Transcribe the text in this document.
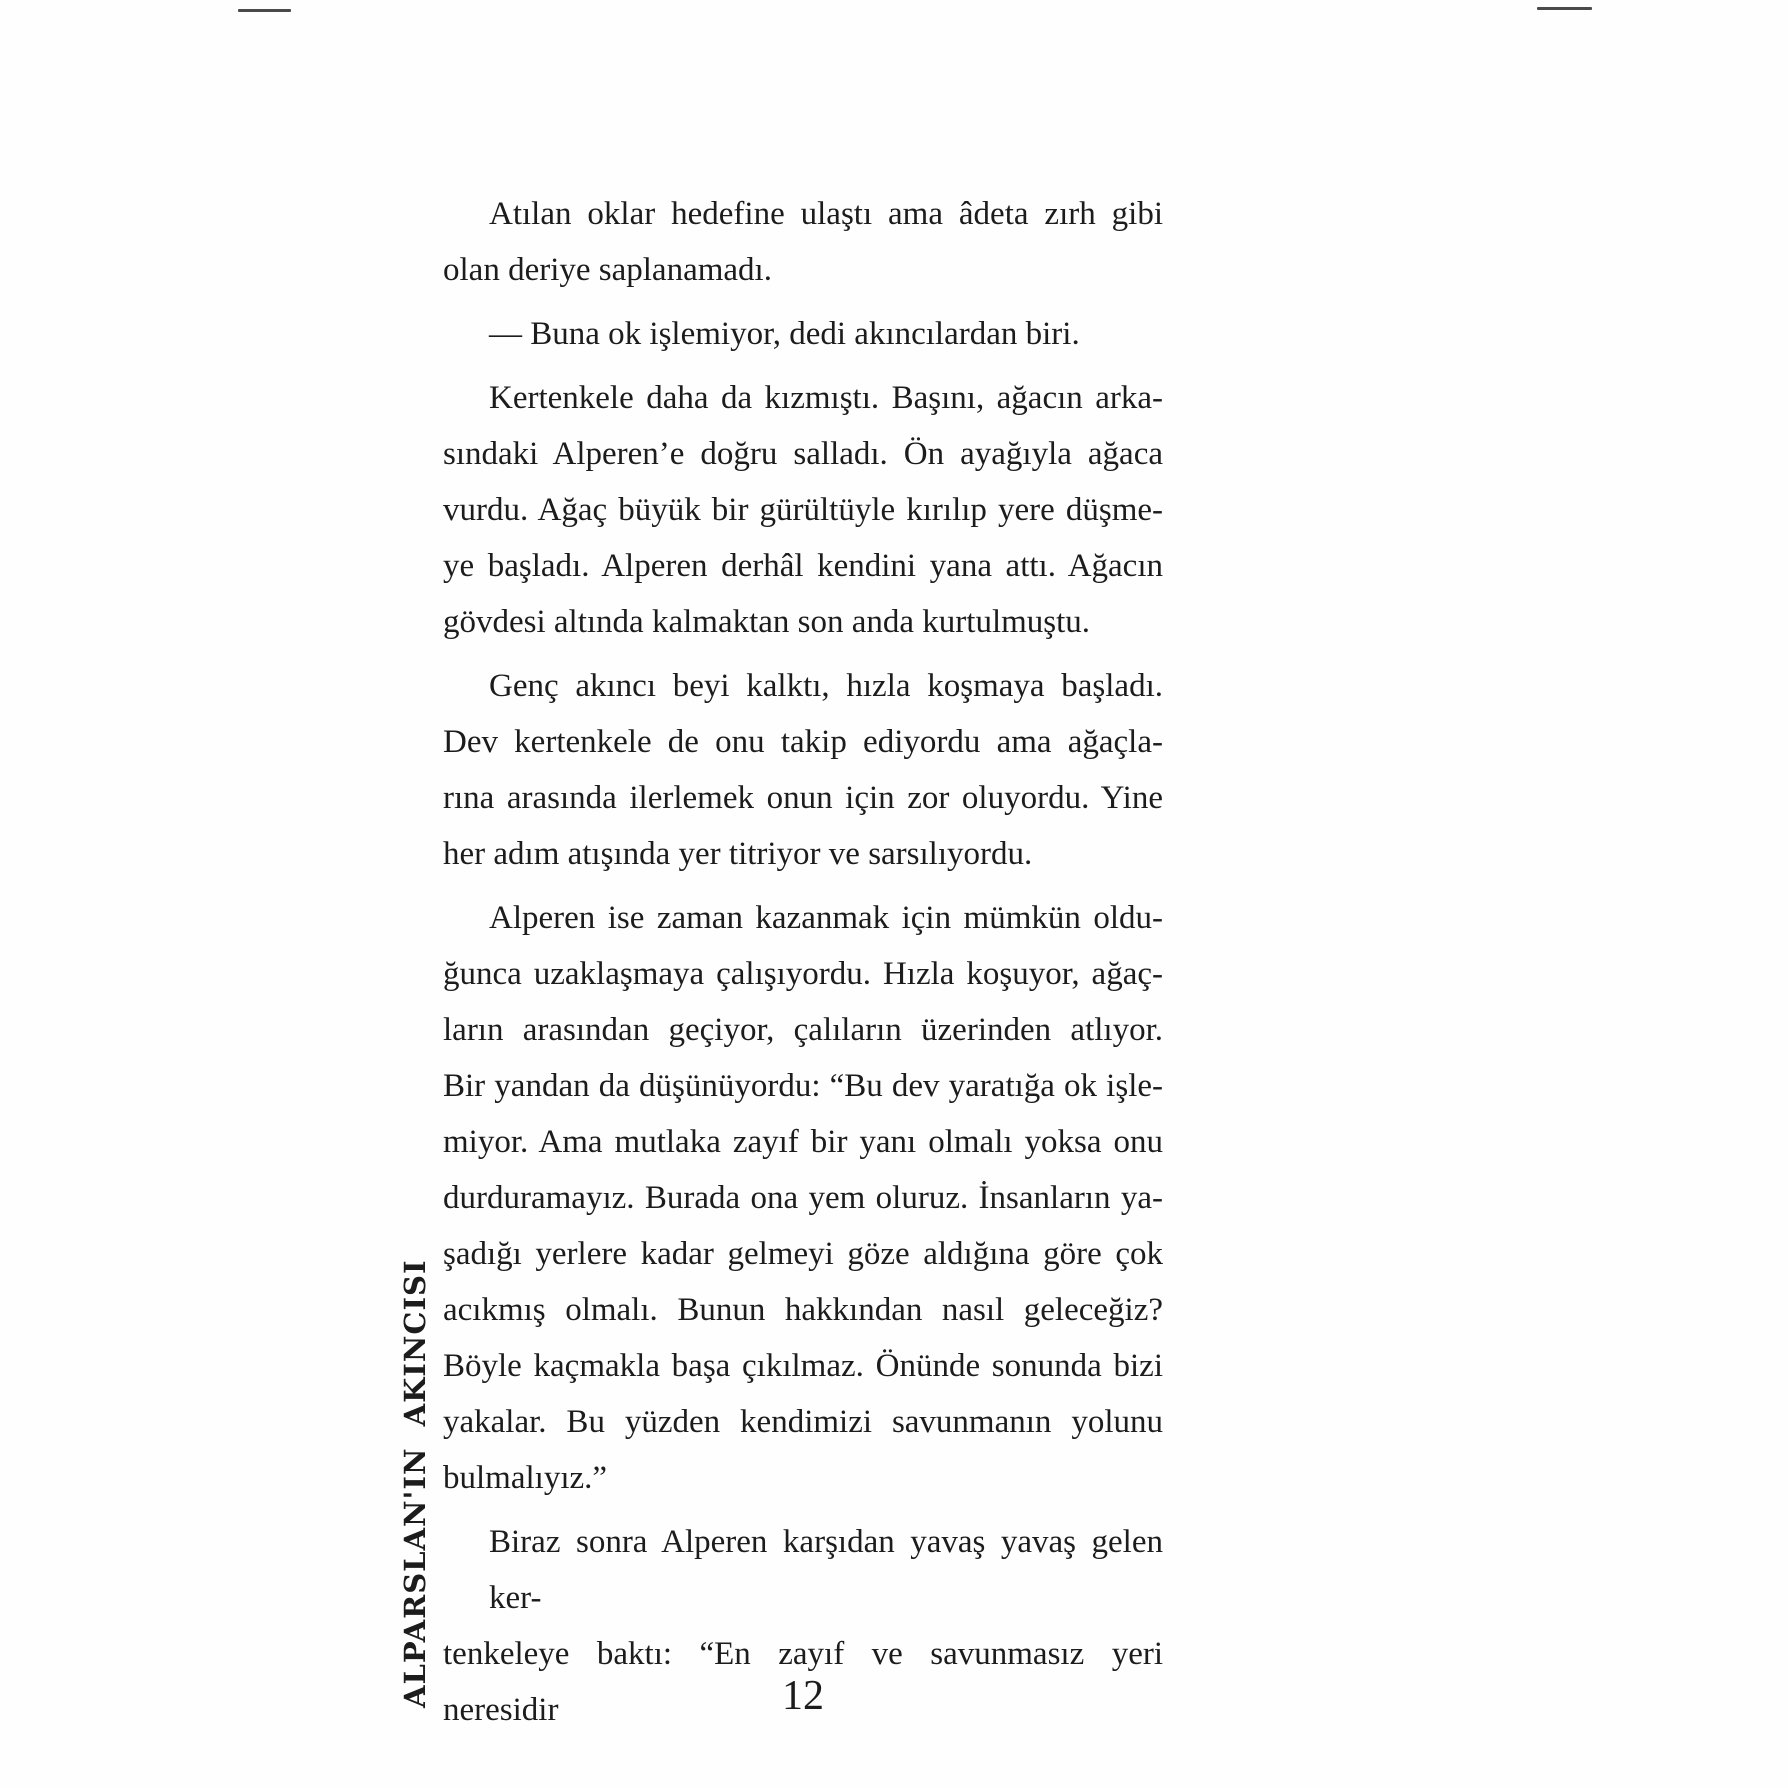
ALPARSLAN'IN AKINCISI
Atılan oklar hedefine ulaştı ama âdeta zırh gibi
olan deriye saplanamadı.
— Buna ok işlemiyor, dedi akıncılardan biri.
Kertenkele daha da kızmıştı. Başını, ağacın arka-
sındaki Alperen’e doğru salladı. Ön ayağıyla ağaca
vurdu. Ağaç büyük bir gürültüyle kırılıp yere düşme-
ye başladı. Alperen derhâl kendini yana attı. Ağacın
gövdesi altında kalmaktan son anda kurtulmuştu.
Genç akıncı beyi kalktı, hızla koşmaya başladı.
Dev kertenkele de onu takip ediyordu ama ağaçla-
rına arasında ilerlemek onun için zor oluyordu. Yine
her adım atışında yer titriyor ve sarsılıyordu.
Alperen ise zaman kazanmak için mümkün oldu-
ğunca uzaklaşmaya çalışıyordu. Hızla koşuyor, ağaç-
ların arasından geçiyor, çalıların üzerinden atlıyor.
Bir yandan da düşünüyordu: “Bu dev yaratığa ok işle-
miyor. Ama mutlaka zayıf bir yanı olmalı yoksa onu
durduramayız. Burada ona yem oluruz. İnsanların ya-
şadığı yerlere kadar gelmeyi göze aldığına göre çok
acıkmış olmalı. Bunun hakkından nasıl geleceğiz?
Böyle kaçmakla başa çıkılmaz. Önünde sonunda bizi
yakalar. Bu yüzden kendimizi savunmanın yolunu
bulmalıyız.”
Biraz sonra Alperen karşıdan yavaş yavaş gelen ker-
tenkeleye baktı: “En zayıf ve savunmasız yeri neresidir	12
